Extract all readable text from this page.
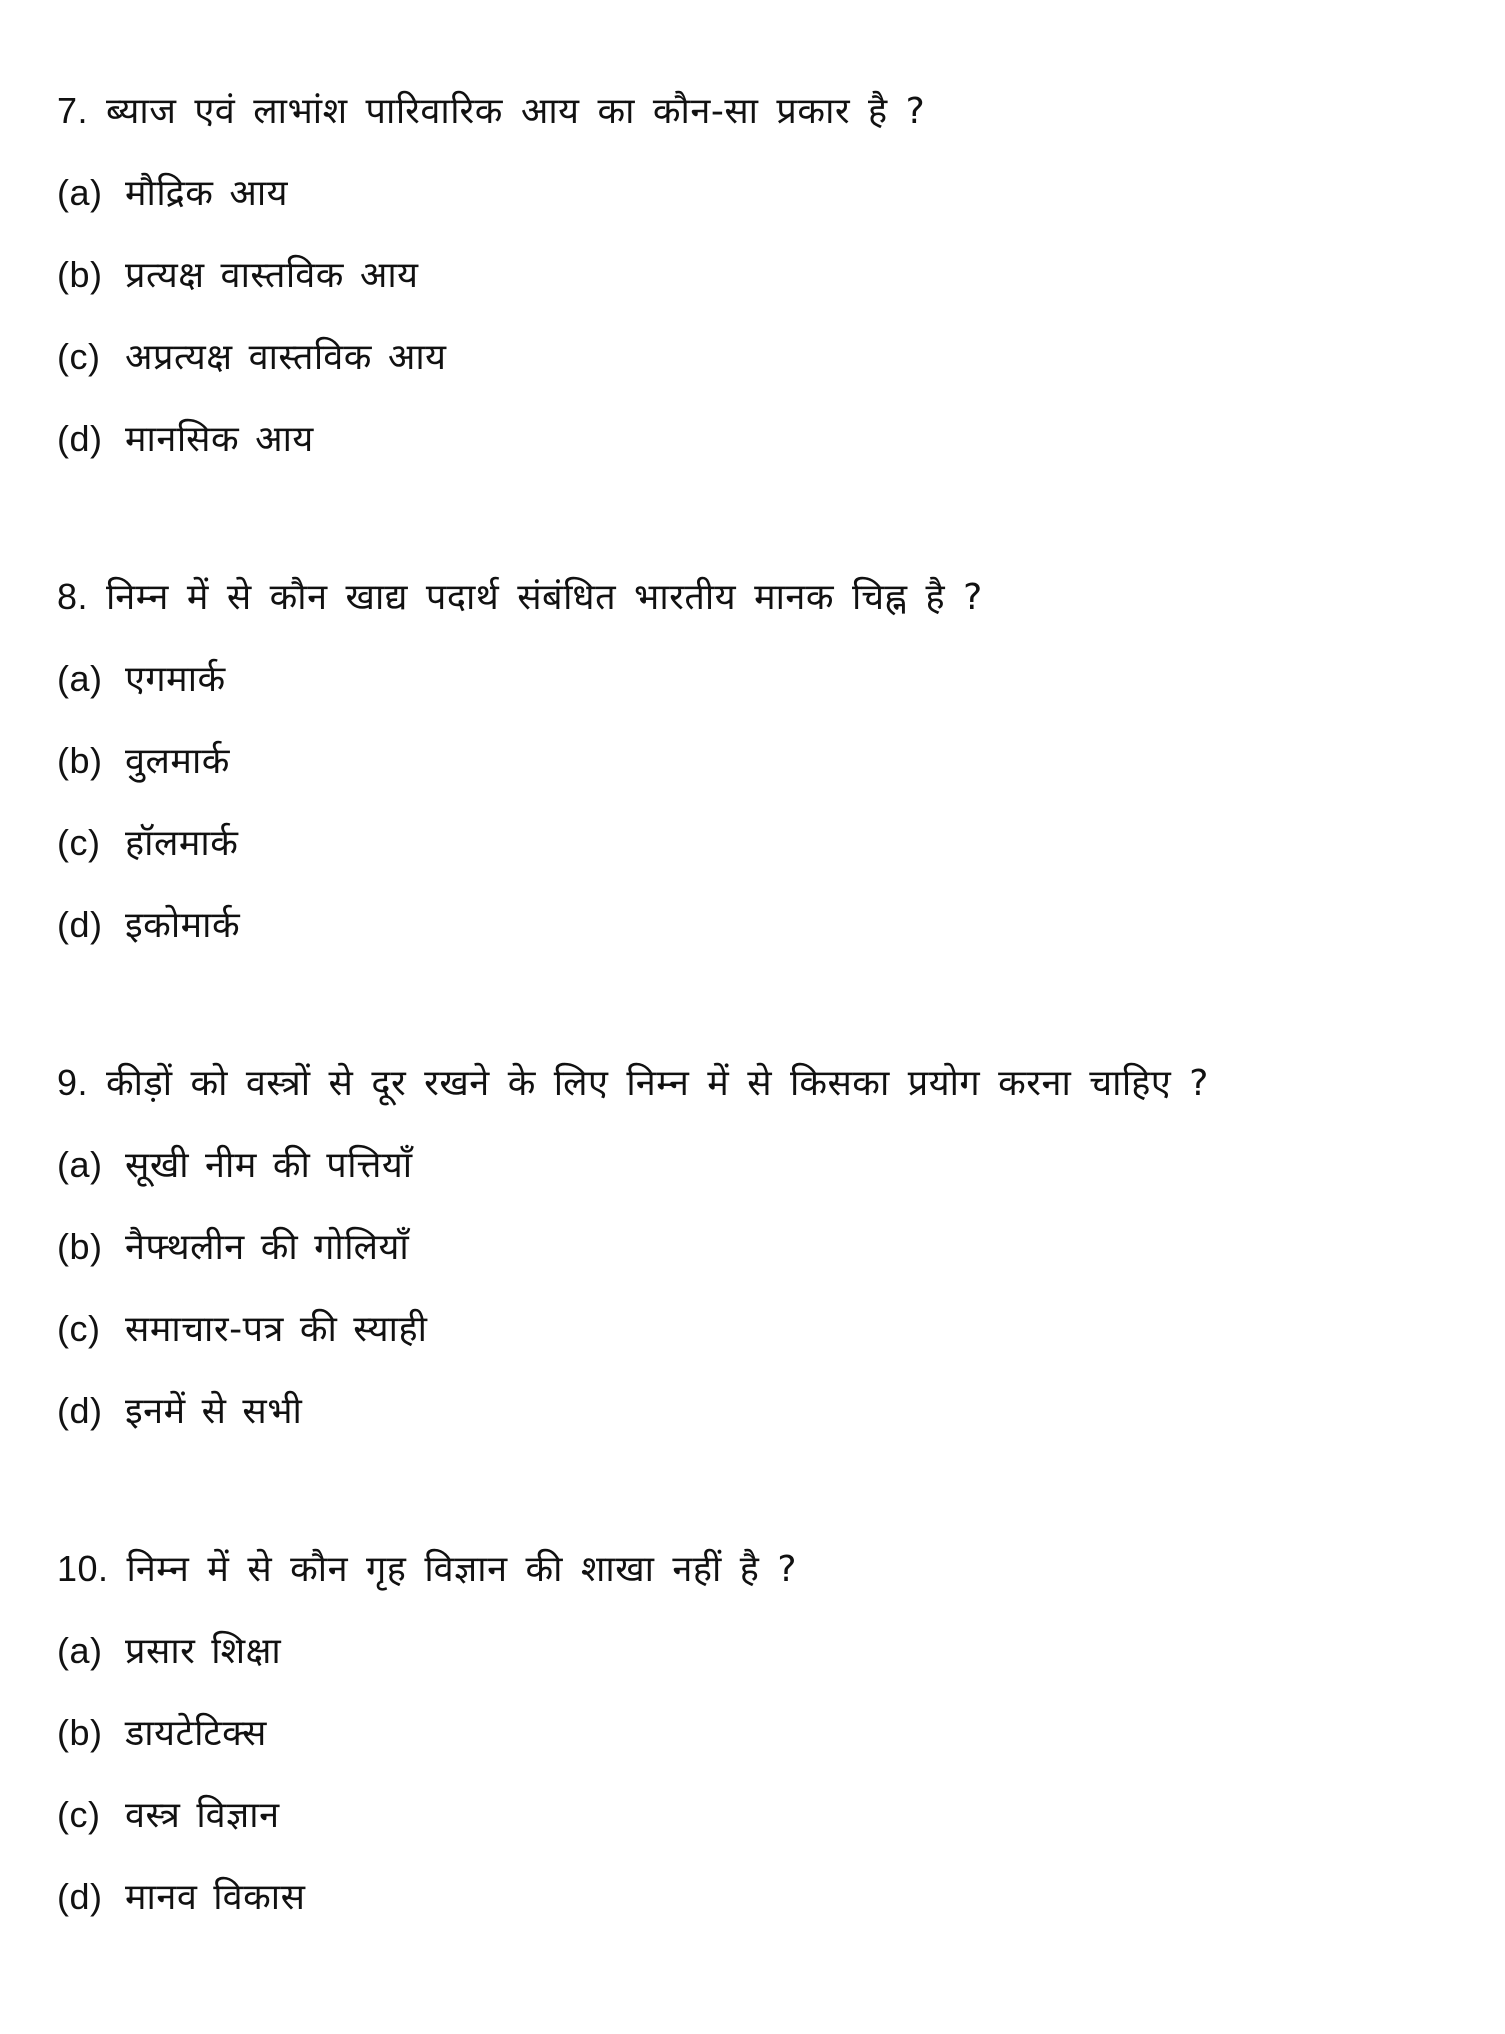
7. ब्याज एवं लाभांश पारिवारिक आय का कौन-सा प्रकार है ?
(a) मौद्रिक आय
(b) प्रत्यक्ष वास्तविक आय
(c) अप्रत्यक्ष वास्तविक आय
(d) मानसिक आय
8. निम्न में से कौन खाद्य पदार्थ संबंधित भारतीय मानक चिह्न है ?
(a) एगमार्क
(b) वुलमार्क
(c) हॉलमार्क
(d) इकोमार्क
9. कीड़ों को वस्त्रों से दूर रखने के लिए निम्न में से किसका प्रयोग करना चाहिए ?
(a) सूखी नीम की पत्तियाँ
(b) नैफ्थलीन की गोलियाँ
(c) समाचार-पत्र की स्याही
(d) इनमें से सभी
10. निम्न में से कौन गृह विज्ञान की शाखा नहीं है ?
(a) प्रसार शिक्षा
(b) डायटेटिक्स
(c) वस्त्र विज्ञान
(d) मानव विकास
